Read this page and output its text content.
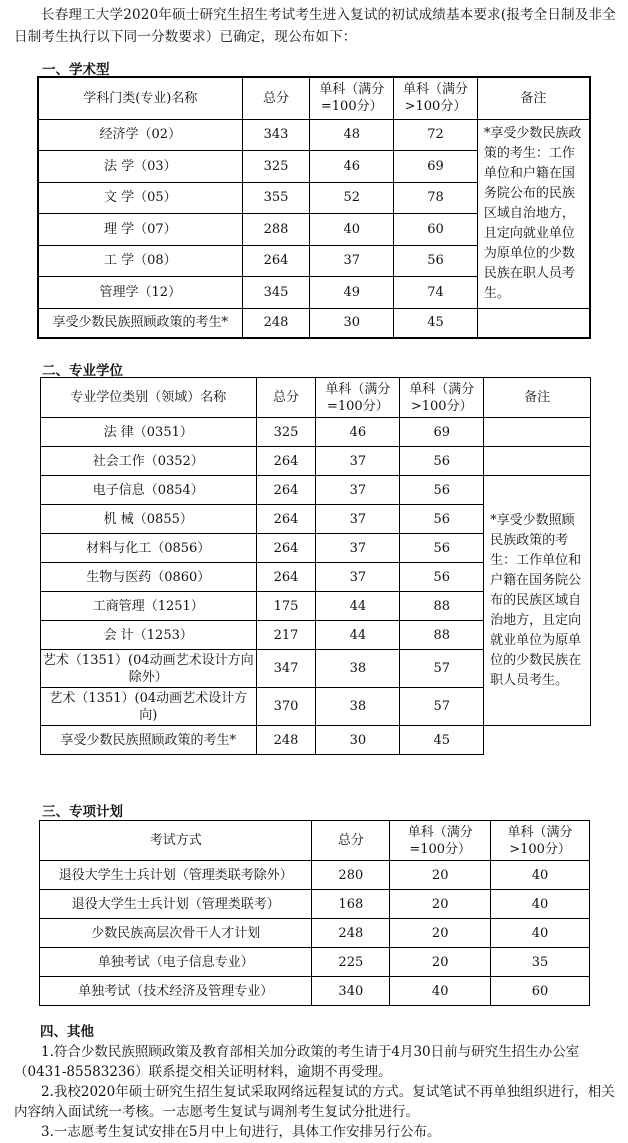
长春理工大学2020年硕士研究生招生考试考生进入复试的初试成绩基本要求(报考全日制及非全日制考生执行以下同一分数要求）已确定，现公布如下：
一、学术型
学科门类(专业)名称	总分	单科（满分=100分）	单科（满分>100分）	备注
经济学（02）	343	48	72	*享受少数民族政策的考生：工作单位和户籍在国务院公布的民族区域自治地方，且定向就业单位为原单位的少数民族在职人员考生。
法 学（03）	325	46	69	
文 学（05）	355	52	78	
理 学（07）	288	40	60	
工 学（08）	264	37	56	
管理学（12）	345	49	74	
享受少数民族照顾政策的考生*	248	30	45	
二、专业学位
专业学位类别（领域）名称	总分	单科（满分=100分）	单科（满分>100分）	备注
法 律（0351）	325	46	69	
社会工作（0352）	264	37	56	
电子信息（0854）	264	37	56	*享受少数照顾民族政策的考生：工作单位和户籍在国务院公布的民族区域自治地方，且定向就业单位为原单位的少数民族在职人员考生。
机 械（0855）	264	37	56	
材料与化工（0856）	264	37	56	
生物与医药（0860）	264	37	56	
工商管理（1251）	175	44	88	
会 计（1253）	217	44	88	
艺术（1351）(04动画艺术设计方向除外）	347	38	57	
艺术（1351）(04动画艺术设计方向)	370	38	57	
享受少数民族照顾政策的考生*	248	30	45	
三、专项计划
考试方式	总分	单科（满分=100分）	单科（满分>100分）
退役大学生士兵计划（管理类联考除外）	280	20	40
退役大学生士兵计划（管理类联考）	168	20	40
少数民族高层次骨干人才计划	248	20	40
单独考试（电子信息专业）	225	20	35
单独考试（技术经济及管理专业）	340	40	60
四、其他

1.符合少数民族照顾政策及教育部相关加分政策的考生请于4月30日前与研究生招生办公室（0431-85583236）联系提交相关证明材料，逾期不再受理。

2.我校2020年硕士研究生招生复试采取网络远程复试的方式。复试笔试不再单独组织进行，相关内容纳入面试统一考核。一志愿考生复试与调剂考生复试分批进行。

3.一志愿考生复试安排在5月中上旬进行，具体工作安排另行公布。
